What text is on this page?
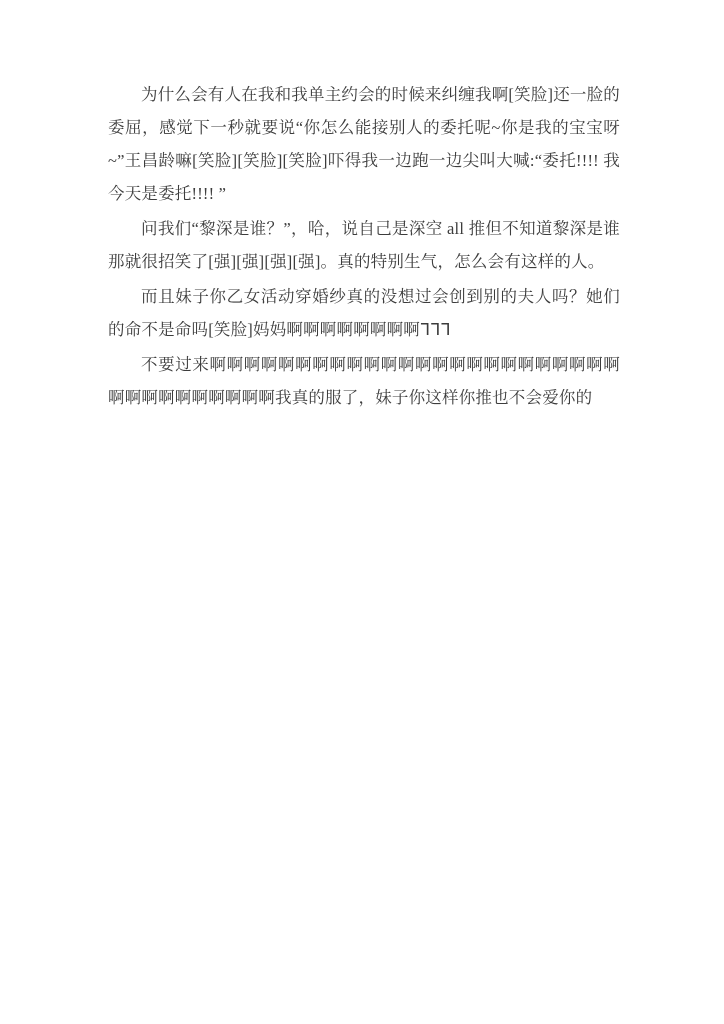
为什么会有人在我和我单主约会的时候来纠缠我啊[笑脸]还一脸的委屈，感觉下一秒就要说“你怎么能接别人的委托呢~你是我的宝宝呀~”王昌龄嘛[笑脸][笑脸][笑脸]吓得我一边跑一边尖叫大喊:“委托!!!! 我今天是委托!!!! ”

问我们“黎深是谁？”，哈，说自己是深空 all 推但不知道黎深是谁那就很招笑了[强][强][强][强]。真的特别生气，怎么会有这样的人。

而且妹子你乙女活动穿婚纱真的没想过会创到别的夫人吗？她们的命不是命吗[笑脸]妈妈啊啊啊啊啊啊啊啊ᒣᒣᒣ

不要过来啊啊啊啊啊啊啊啊啊啊啊啊啊啊啊啊啊啊啊啊啊啊啊啊啊啊啊啊啊啊啊啊啊啊我真的服了，妹子你这样你推也不会爱你的
